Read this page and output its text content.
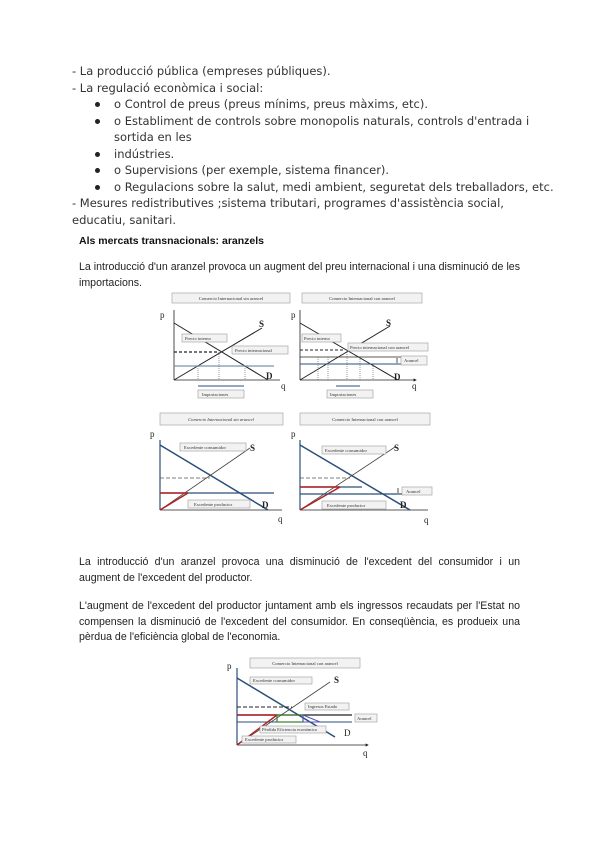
- La producció pública (empreses públiques).
- La regulació econòmica i social:
o Control de preus (preus mínims, preus màxims, etc).
o Establiment de controls sobre monopolis naturals, controls d'entrada i
sortida en les
indústries.
o Supervisions (per exemple, sistema financer).
o Regulacions sobre la salut, medi ambient, seguretat dels treballadors, etc.
- Mesures redistributives ;sistema tributari, programes d'assistència social,
educatiu, sanitari.
Als mercats transnacionals: aranzels
La introducció d'un aranzel provoca un augment del preu internacional i una disminució de les importacions.
La introducció d'un aranzel provoca una disminució de l'excedent del consumidor i un augment de l'excedent del productor.
L'augment de l'excedent del productor juntament amb els ingressos recaudats per l'Estat no compensen la disminució de l'excedent del consumidor. En conseqüència, es produeix una pèrdua de l'eficiència global de l'economia.
Comercio Internacional sin arancel
p
q
S
D
Precio interno
Precio internacional
Importaciones
Comercio Internacional con arancel
p
q
S
D
Precio interno
Precio internacional con arancel
Arancel
Importaciones
Comercio Internacional sin arancel
p
q
S
D
Excedente consumidor
Excedente productor
Comercio Internacional con arancel
p
q
S
D
Arancel
Excedente consumidor
Excedente productor
Comercio Internacional con arancel
p
q
S
D
Excedente consumidor
Ingresos Estado
Arancel
Pérdida Eficiencia económica
Excedente productor
